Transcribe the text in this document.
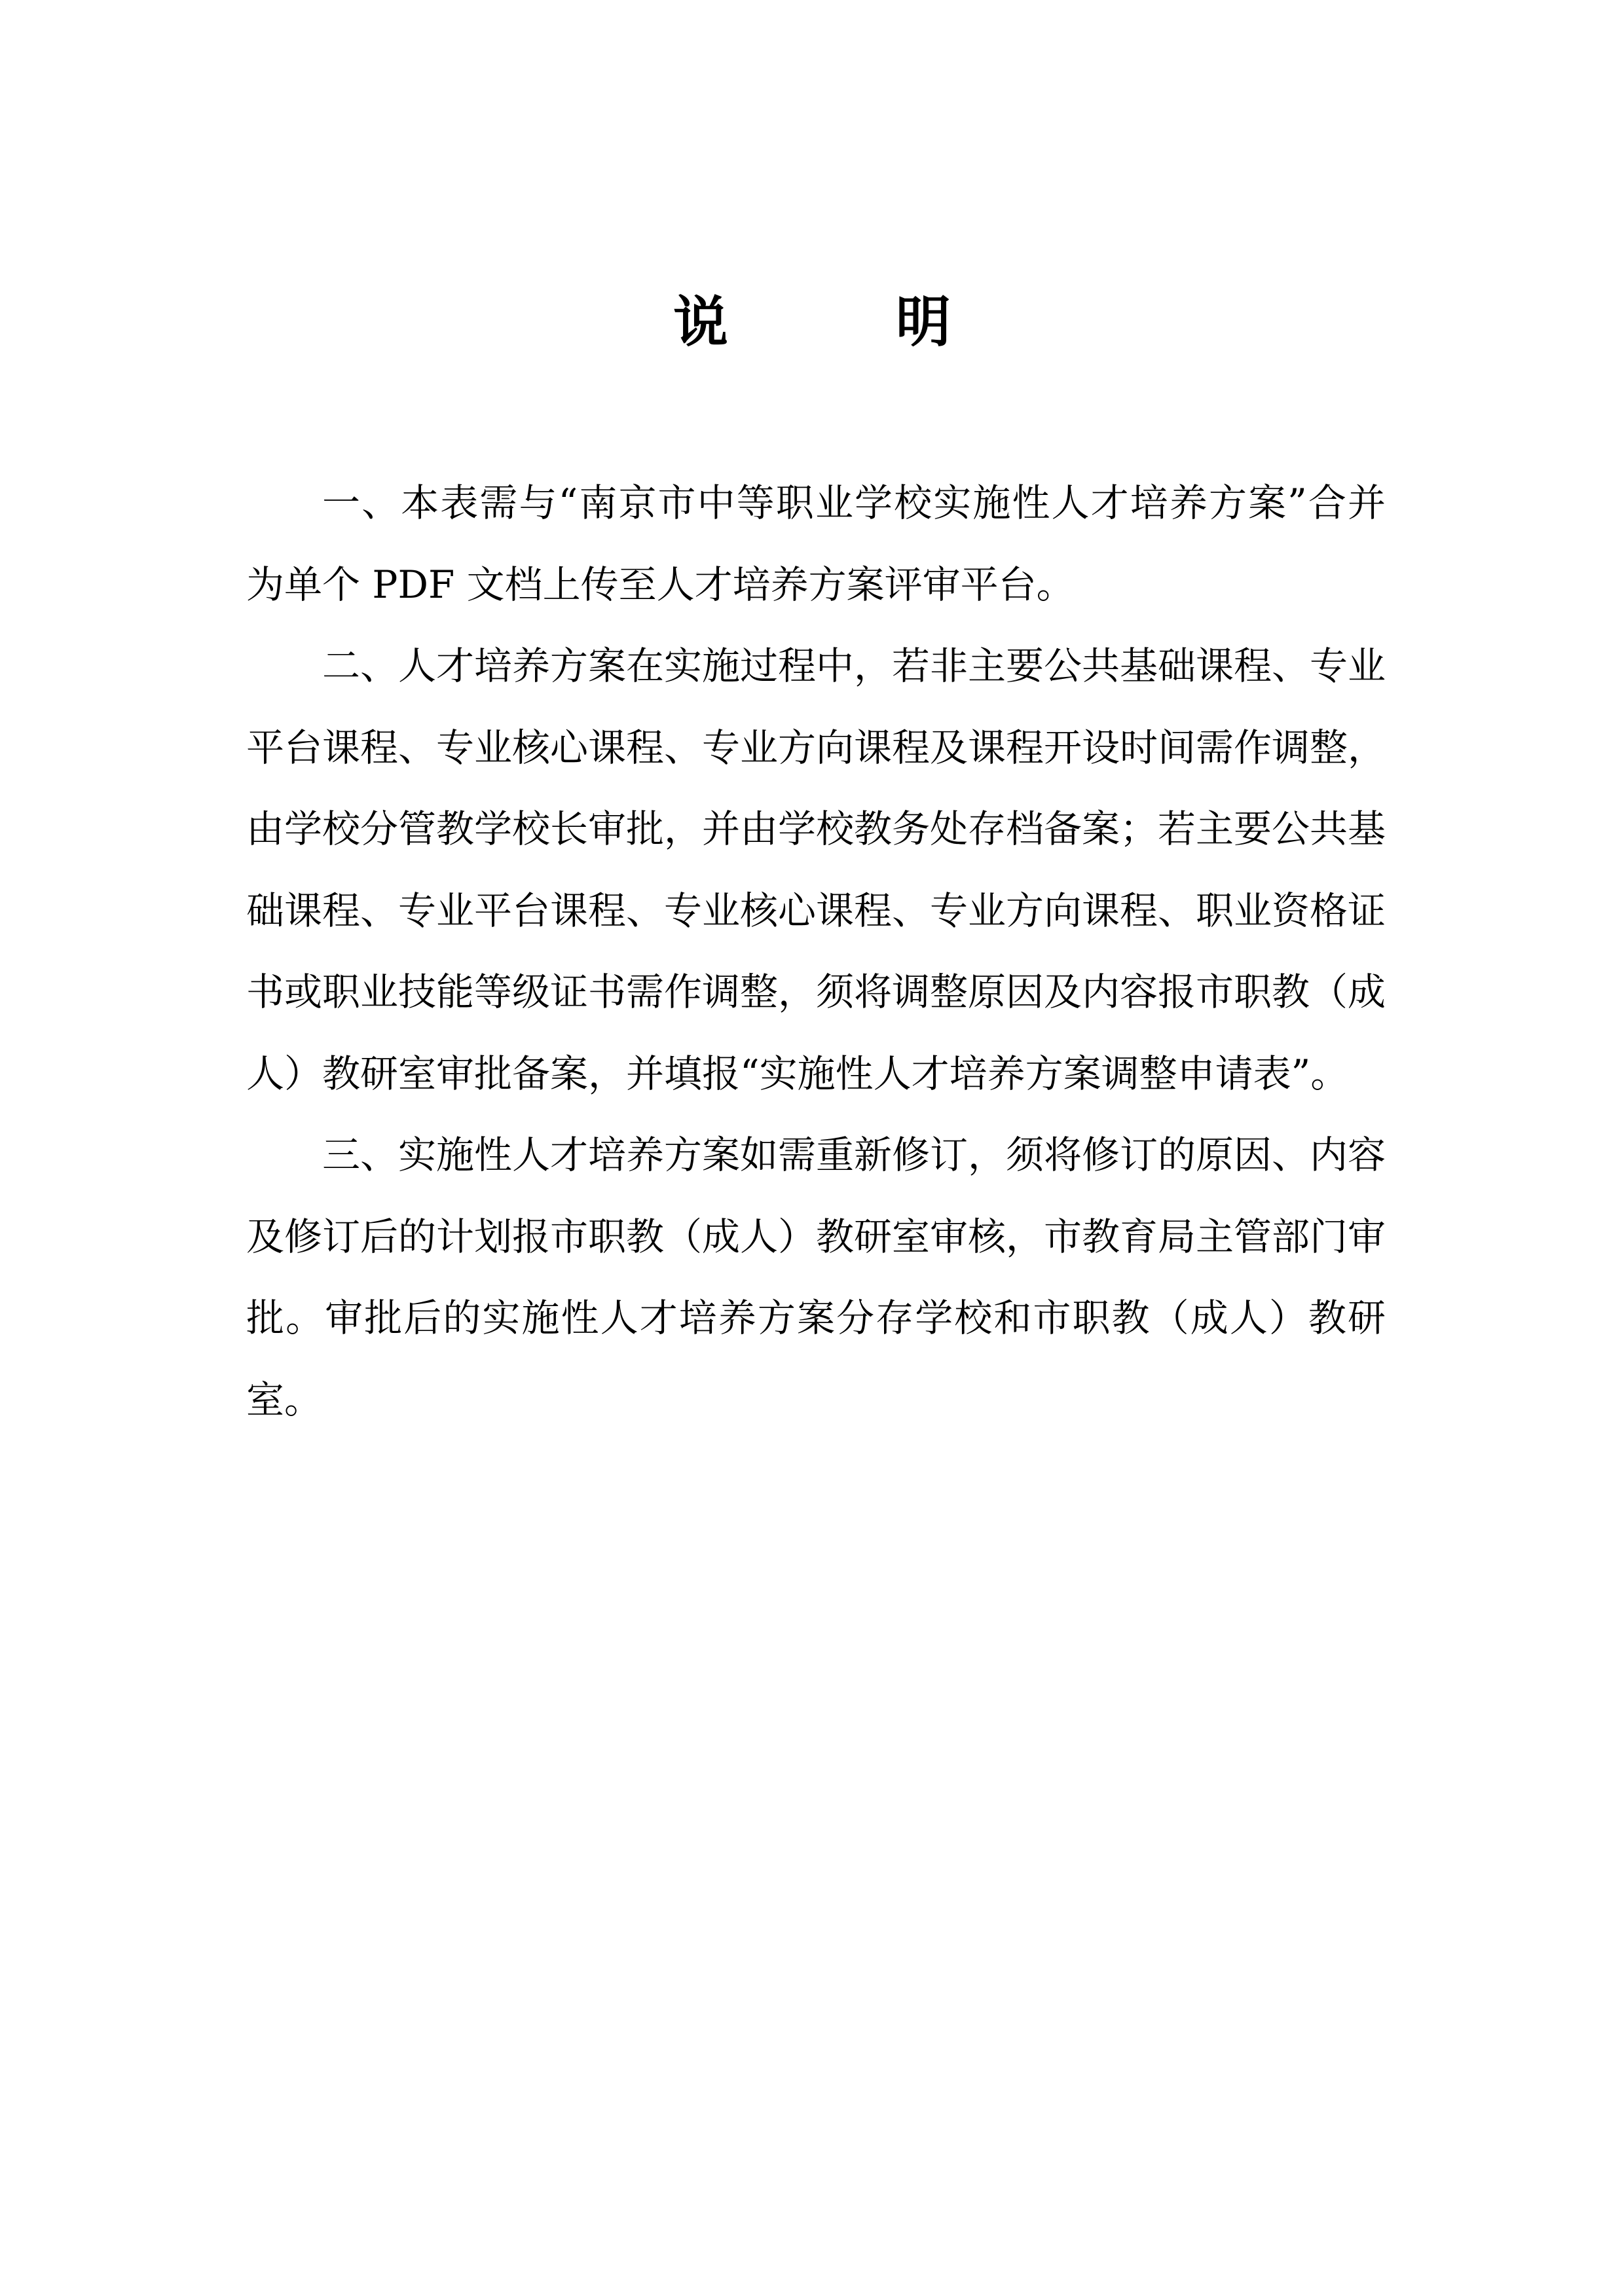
说	明

一、本表需与“南京市中等职业学校实施性人才培养方案”合并为单个 PDF 文档上传至人才培养方案评审平台。

二、人才培养方案在实施过程中，若非主要公共基础课程、专业平台课程、专业核心课程、专业方向课程及课程开设时间需作调整，由学校分管教学校长审批，并由学校教务处存档备案；若主要公共基础课程、专业平台课程、专业核心课程、专业方向课程、职业资格证书或职业技能等级证书需作调整，须将调整原因及内容报市职教（成人）教研室审批备案，并填报“实施性人才培养方案调整申请表”。

三、实施性人才培养方案如需重新修订，须将修订的原因、内容及修订后的计划报市职教（成人）教研室审核，市教育局主管部门审批。审批后的实施性人才培养方案分存学校和市职教（成人）教研室。
